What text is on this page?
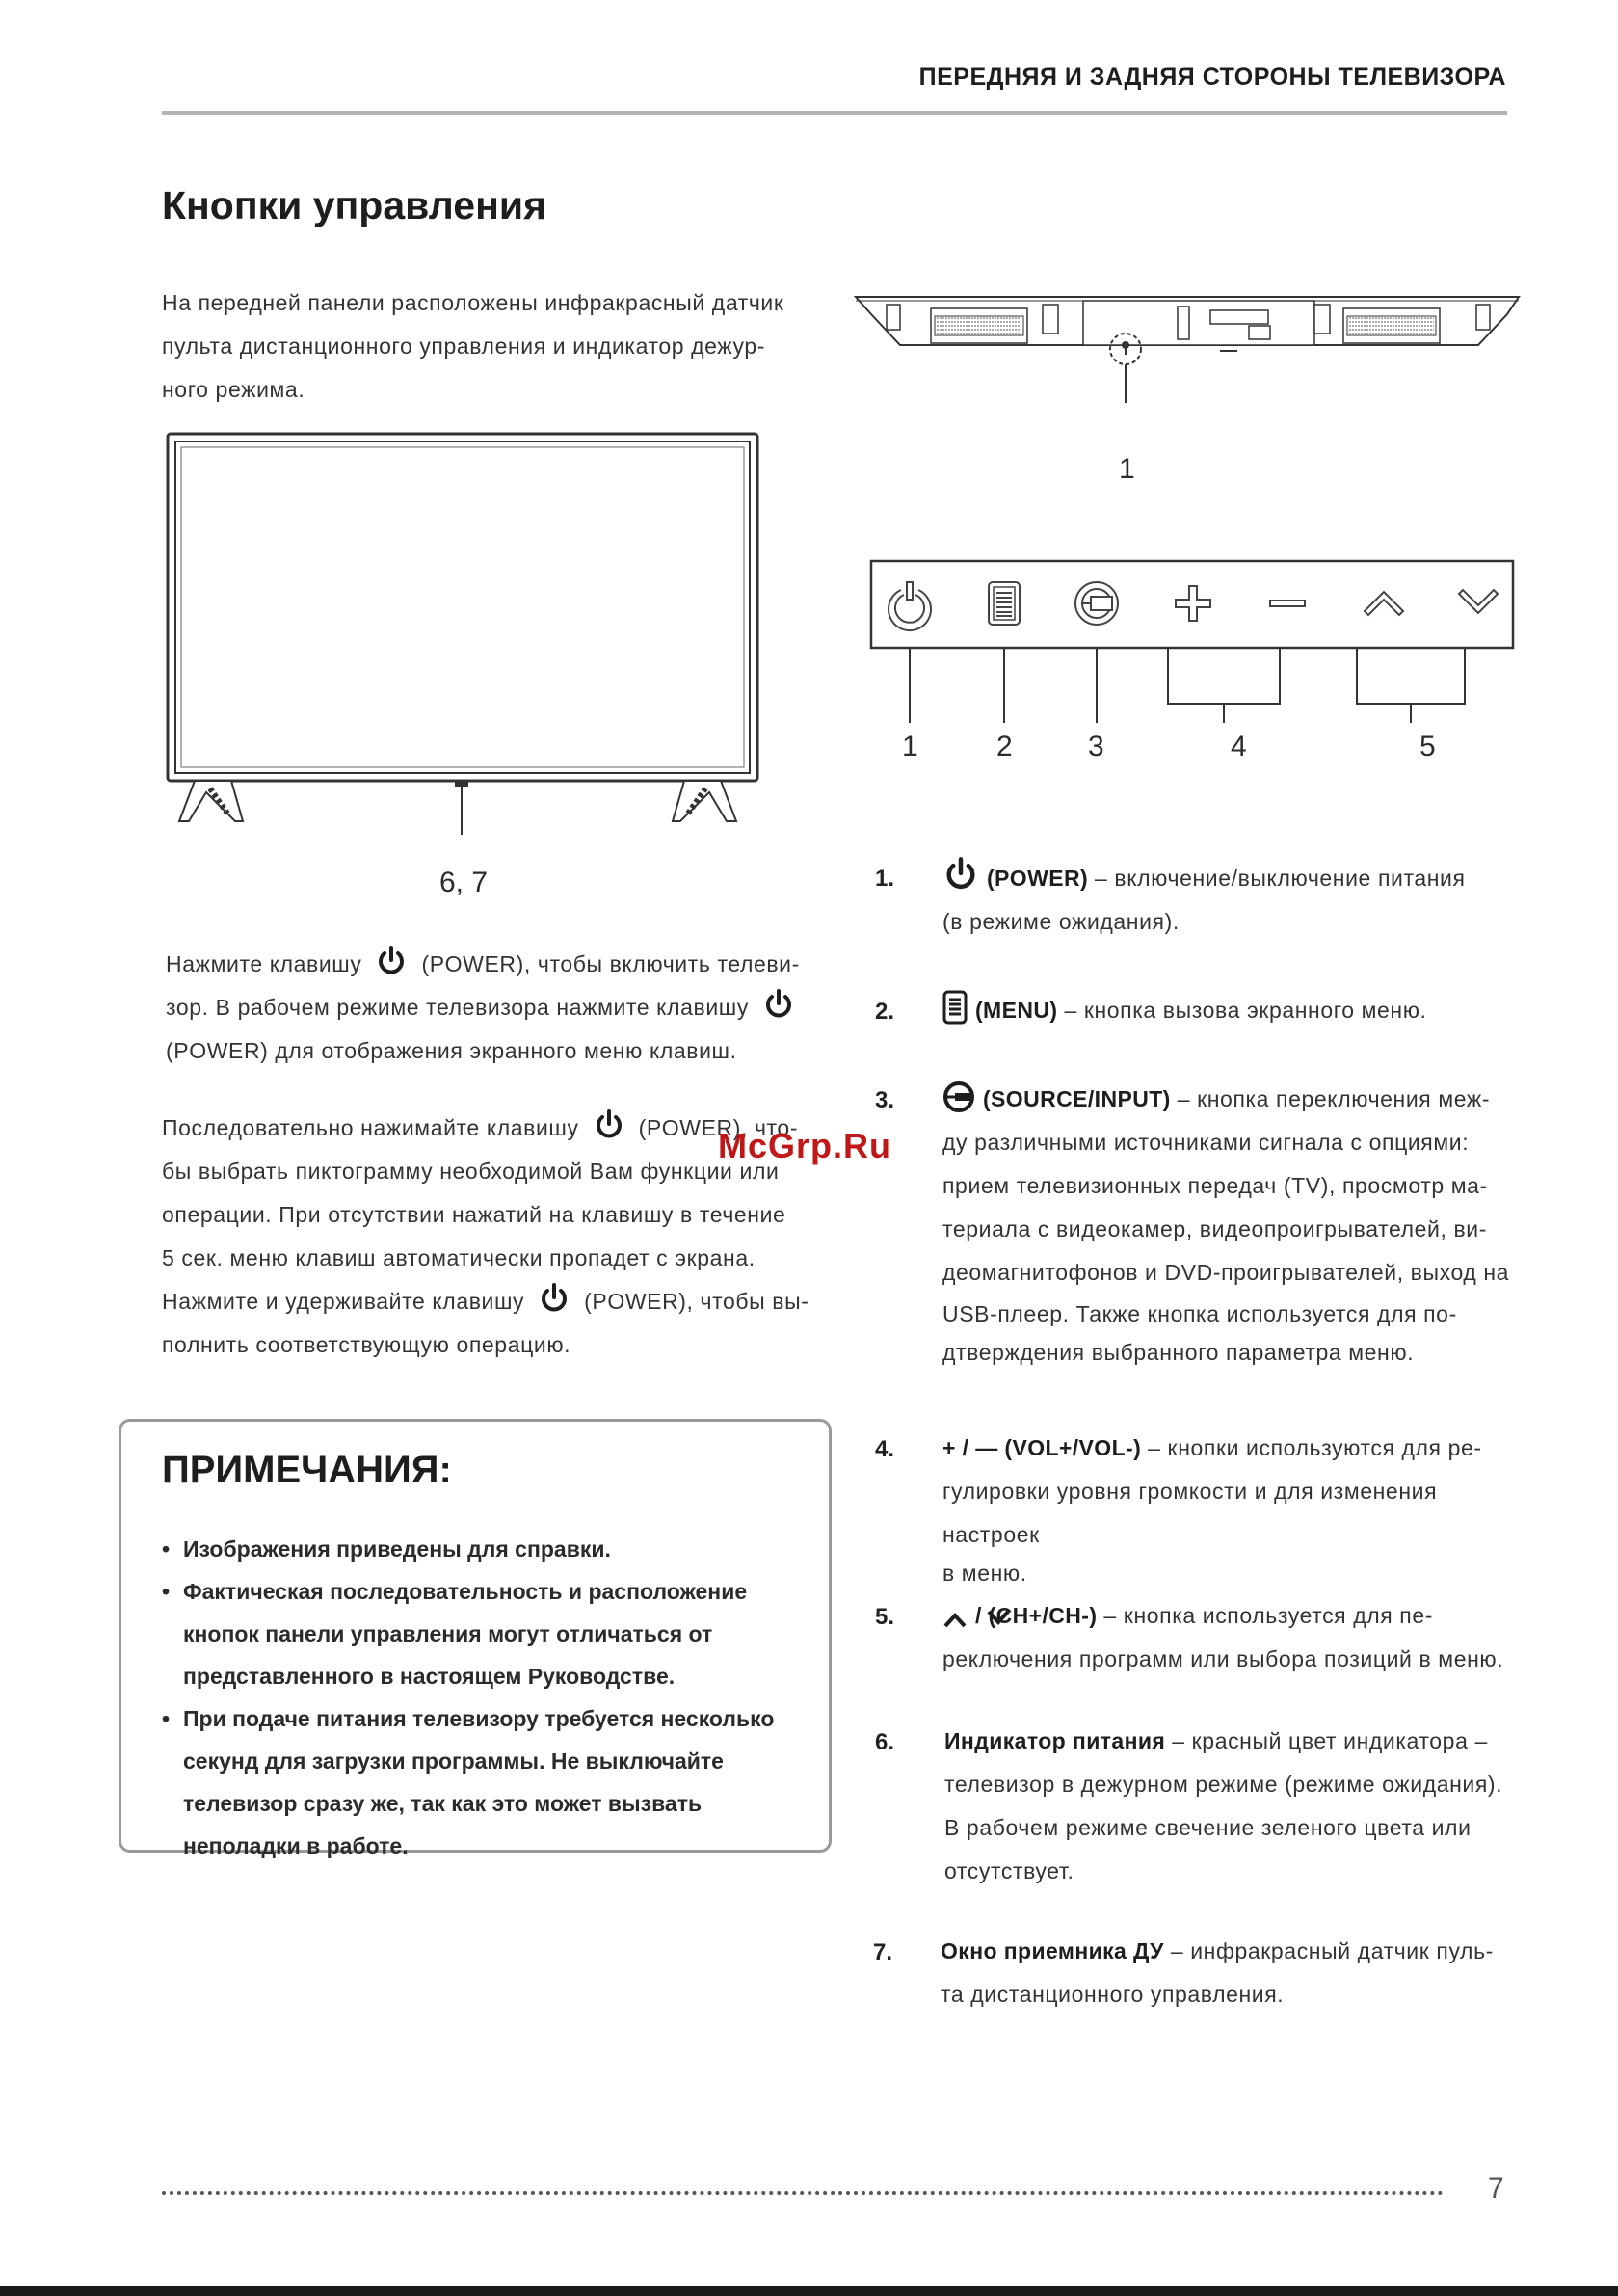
ПЕРЕДНЯЯ И ЗАДНЯЯ СТОРОНЫ ТЕЛЕВИЗОРА
Кнопки управления

На передней панели расположены инфракрасный датчик

пульта дистанционного управления и индикатор дежур-

ного режима.

6, 7

Нажмите клавишу	(POWER), чтобы включить телеви-

зор. В рабочем режиме телевизора нажмите клавишу

(POWER) для отображения экранного меню клавиш.

Последовательно нажимайте клавишу	(POWER), что-

бы выбрать пиктограмму необходимой Вам функции или

операции. При отсутствии нажатий на клавишу в течение

5 сек. меню клавиш автоматически пропадет с экрана.

Нажмите и удерживайте клавишу	(POWER), чтобы вы-

полнить соответствующую операцию.

McGrp.Ru
ПРИМЕЧАНИЯ:
• Изображения приведены для справки.
• Фактическая последовательность и расположение кнопок панели управления могут отличаться от представленного в настоящем Руководстве.
• При подаче питания телевизору требуется несколько секунд для загрузки программы. Не выключайте телевизор сразу же, так как это может вызвать неполадки в работе.
1
1	2	3	4	5
1.	(POWER) – включение/выключение питания
(в режиме ожидания).
2.	(MENU) – кнопка вызова экранного меню.
3.	(SOURCE/INPUT) – кнопка переключения меж-
ду различными источниками сигнала с опциями:
прием телевизионных передач (TV), просмотр ма-
териала с видеокамер, видеопроигрывателей, ви-
деомагнитофонов и DVD-проигрывателей, выход на
USB-плеер. Также кнопка используется для по-
дтверждения выбранного параметра меню.
4. + / — (VOL+/VOL-) – кнопки используются для ре-
гулировки уровня громкости и для изменения настроек
в меню.
5.	/ (CH+/CH-) – кнопка используется для пе-
реключения программ или выбора позиций в меню.
6. Индикатор питания – красный цвет индикатора –
телевизор в дежурном режиме (режиме ожидания).
В рабочем режиме свечение зеленого цвета или
отсутствует.
7. Окно приемника ДУ – инфракрасный датчик пуль-
та дистанционного управления.
7
